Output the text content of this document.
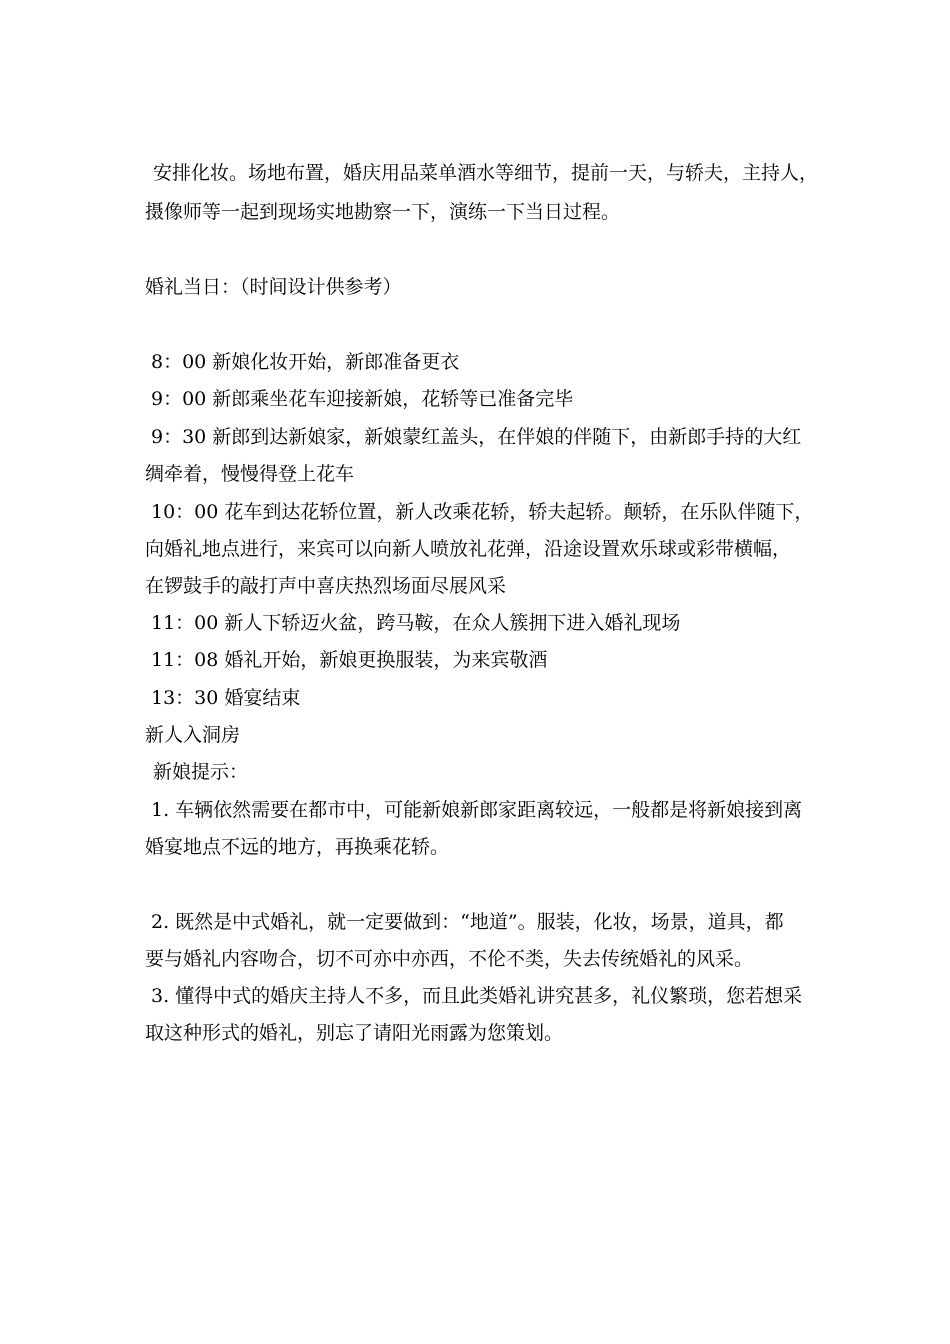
安排化妆。场地布置，婚庆用品菜单酒水等细节，提前一天，与轿夫，主持人，
摄像师等一起到现场实地勘察一下，演练一下当日过程。
婚礼当日：（时间设计供参考）
8：00 新娘化妆开始，新郎准备更衣
9：00 新郎乘坐花车迎接新娘，花轿等已准备完毕
9：30 新郎到达新娘家，新娘蒙红盖头，在伴娘的伴随下，由新郎手持的大红
绸牵着，慢慢得登上花车
10：00 花车到达花轿位置，新人改乘花轿，轿夫起轿。颠轿，在乐队伴随下，
向婚礼地点进行，来宾可以向新人喷放礼花弹，沿途设置欢乐球或彩带横幅，
在锣鼓手的敲打声中喜庆热烈场面尽展风采
11：00 新人下轿迈火盆，跨马鞍，在众人簇拥下进入婚礼现场
11：08 婚礼开始，新娘更换服装，为来宾敬酒
13：30 婚宴结束
新人入洞房
新娘提示：
1. 车辆依然需要在都市中，可能新娘新郎家距离较远，一般都是将新娘接到离
婚宴地点不远的地方，再换乘花轿。
2. 既然是中式婚礼，就一定要做到：“地道”。服装，化妆，场景，道具，都
要与婚礼内容吻合，切不可亦中亦西，不伦不类，失去传统婚礼的风采。
3. 懂得中式的婚庆主持人不多，而且此类婚礼讲究甚多，礼仪繁琐，您若想采
取这种形式的婚礼，别忘了请阳光雨露为您策划。
